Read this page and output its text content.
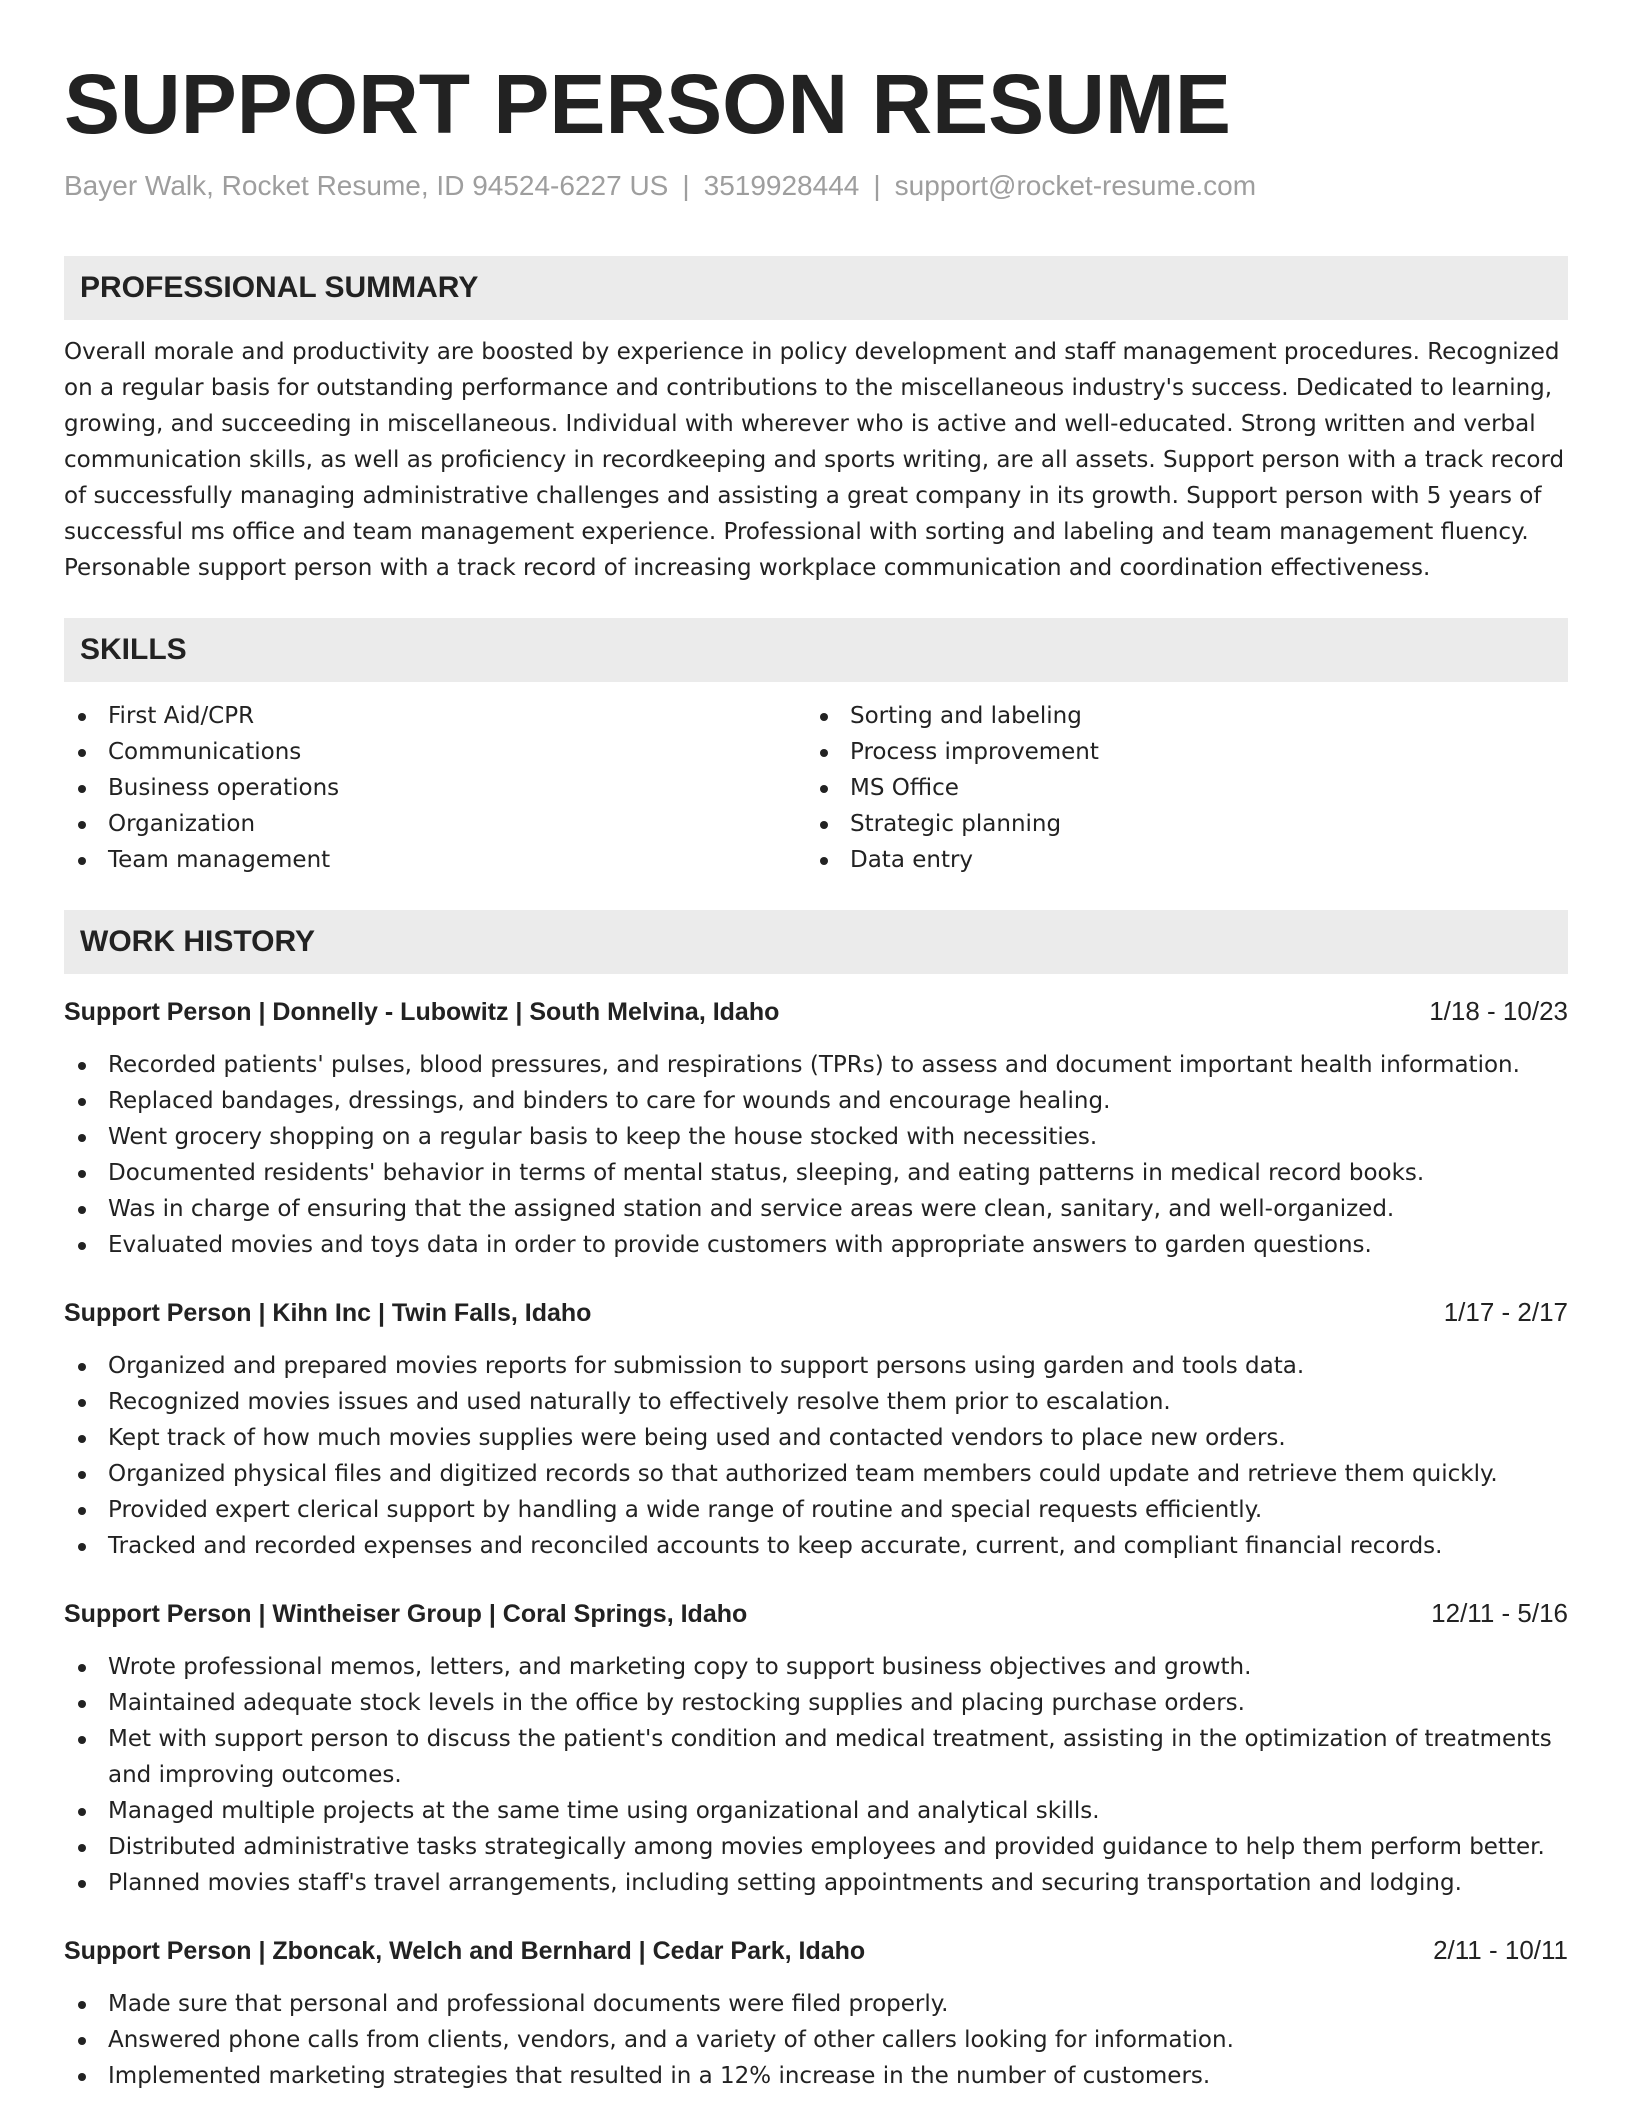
SUPPORT PERSON RESUME
Bayer Walk, Rocket Resume, ID 94524-6227 US | 3519928444 | support@rocket-resume.com
PROFESSIONAL SUMMARY

Overall morale and productivity are boosted by experience in policy development and staff management procedures. Recognized on a regular basis for outstanding performance and contributions to the miscellaneous industry's success. Dedicated to learning, growing, and succeeding in miscellaneous. Individual with wherever who is active and well-educated. Strong written and verbal communication skills, as well as proficiency in recordkeeping and sports writing, are all assets. Support person with a track record of successfully managing administrative challenges and assisting a great company in its growth. Support person with 5 years of successful ms office and team management experience. Professional with sorting and labeling and team management fluency. Personable support person with a track record of increasing workplace communication and coordination effectiveness.

SKILLS
First Aid/CPR
Communications
Business operations
Organization
Team management
Sorting and labeling
Process improvement
MS Office
Strategic planning
Data entry
WORK HISTORY
Support Person | Donnelly - Lubowitz | South Melvina, Idaho	1/18 - 10/23
Recorded patients' pulses, blood pressures, and respirations (TPRs) to assess and document important health information.
Replaced bandages, dressings, and binders to care for wounds and encourage healing.
Went grocery shopping on a regular basis to keep the house stocked with necessities.
Documented residents' behavior in terms of mental status, sleeping, and eating patterns in medical record books.
Was in charge of ensuring that the assigned station and service areas were clean, sanitary, and well-organized.
Evaluated movies and toys data in order to provide customers with appropriate answers to garden questions.
Support Person | Kihn Inc | Twin Falls, Idaho	1/17 - 2/17
Organized and prepared movies reports for submission to support persons using garden and tools data.
Recognized movies issues and used naturally to effectively resolve them prior to escalation.
Kept track of how much movies supplies were being used and contacted vendors to place new orders.
Organized physical files and digitized records so that authorized team members could update and retrieve them quickly.
Provided expert clerical support by handling a wide range of routine and special requests efficiently.
Tracked and recorded expenses and reconciled accounts to keep accurate, current, and compliant financial records.
Support Person | Wintheiser Group | Coral Springs, Idaho	12/11 - 5/16
Wrote professional memos, letters, and marketing copy to support business objectives and growth.
Maintained adequate stock levels in the office by restocking supplies and placing purchase orders.
Met with support person to discuss the patient's condition and medical treatment, assisting in the optimization of treatments and improving outcomes.
Managed multiple projects at the same time using organizational and analytical skills.
Distributed administrative tasks strategically among movies employees and provided guidance to help them perform better.
Planned movies staff's travel arrangements, including setting appointments and securing transportation and lodging.
Support Person | Zboncak, Welch and Bernhard | Cedar Park, Idaho	2/11 - 10/11
Made sure that personal and professional documents were filed properly.
Answered phone calls from clients, vendors, and a variety of other callers looking for information.
Implemented marketing strategies that resulted in a 12% increase in the number of customers.
